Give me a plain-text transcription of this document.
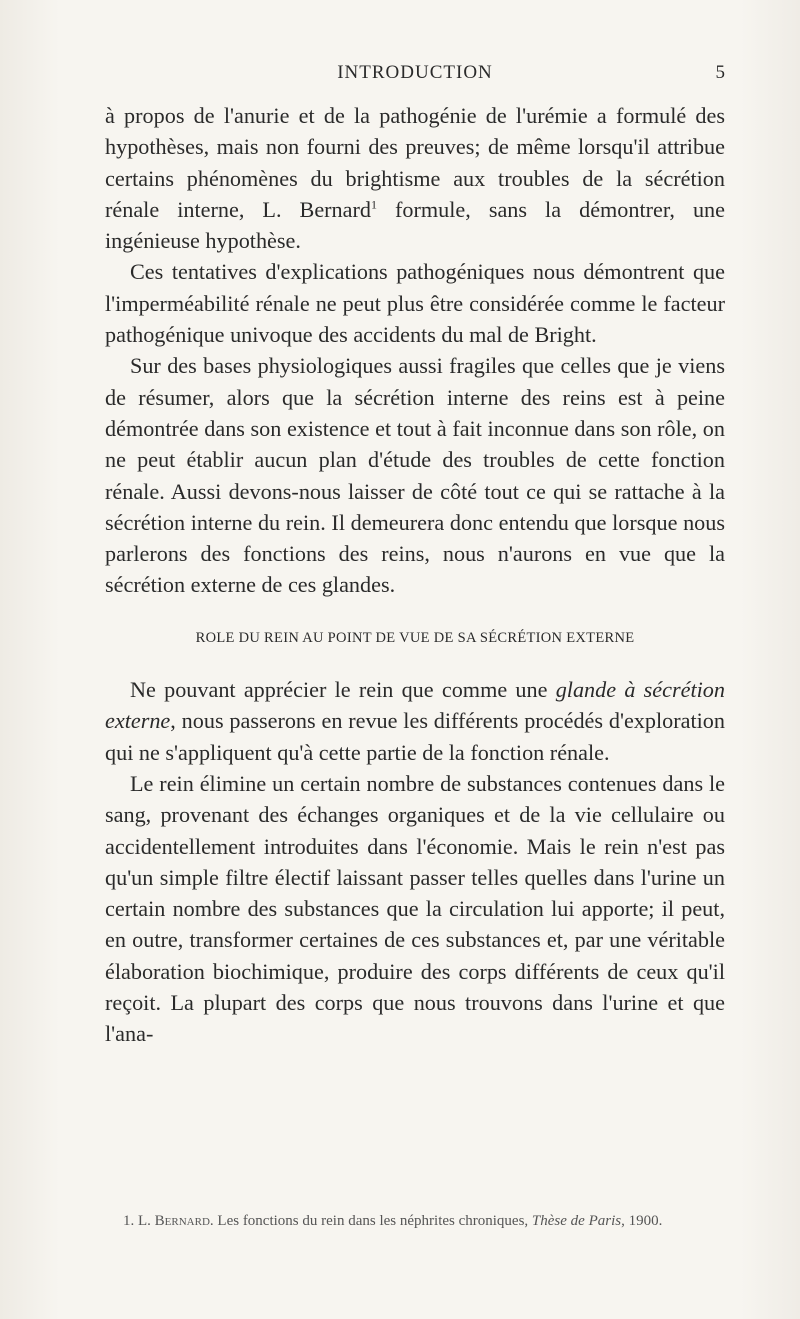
INTRODUCTION	5

à propos de l'anurie et de la pathogénie de l'urémie a formulé des hypothèses, mais non fourni des preuves; de même lorsqu'il attribue certains phénomènes du brightisme aux troubles de la sécrétion rénale interne, L. Bernard$^1$ formule, sans la démontrer, une ingénieuse hypothèse.

Ces tentatives d'explications pathogéniques nous démontrent que l'imperméabilité rénale ne peut plus être considérée comme le facteur pathogénique univoque des accidents du mal de Bright.

Sur des bases physiologiques aussi fragiles que celles que je viens de résumer, alors que la sécrétion interne des reins est à peine démontrée dans son existence et tout à fait inconnue dans son rôle, on ne peut établir aucun plan d'étude des troubles de cette fonction rénale. Aussi devons-nous laisser de côté tout ce qui se rattache à la sécrétion interne du rein. Il demeurera donc entendu que lorsque nous parlerons des fonctions des reins, nous n'aurons en vue que la sécrétion externe de ces glandes.

ROLE DU REIN AU POINT DE VUE DE SA SÉCRÉTION EXTERNE

Ne pouvant apprécier le rein que comme une glande à sécrétion externe, nous passerons en revue les différents procédés d'exploration qui ne s'appliquent qu'à cette partie de la fonction rénale.

Le rein élimine un certain nombre de substances contenues dans le sang, provenant des échanges organiques et de la vie cellulaire ou accidentellement introduites dans l'économie. Mais le rein n'est pas qu'un simple filtre électif laissant passer telles quelles dans l'urine un certain nombre des substances que la circulation lui apporte; il peut, en outre, transformer certaines de ces substances et, par une véritable élaboration biochimique, produire des corps différents de ceux qu'il reçoit. La plupart des corps que nous trouvons dans l'urine et que l'ana-

1. L. Bernard. Les fonctions du rein dans les néphrites chroniques, Thèse de Paris, 1900.
